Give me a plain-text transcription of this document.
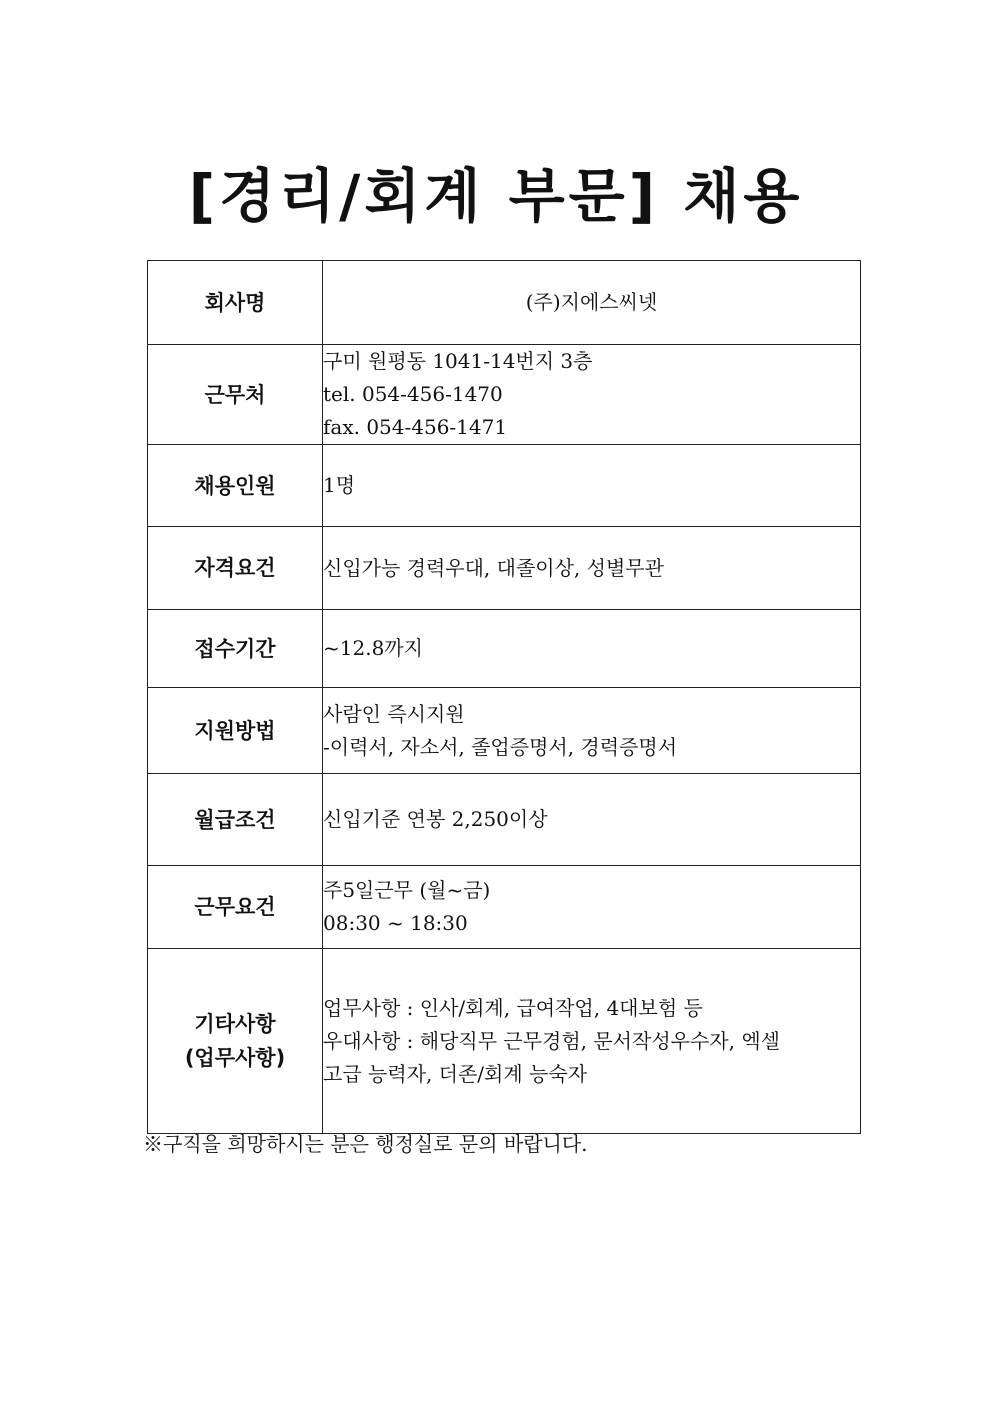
[경리/회계 부문] 채용
회사명	(주)지에스씨넷

근무처	구미 원평동 1041-14번지 3층
tel. 054-456-1470
fax. 054-456-1471

채용인원	1명

자격요건	신입가능 경력우대, 대졸이상, 성별무관

접수기간	~12.8까지

지원방법	사람인 즉시지원
-이력서, 자소서, 졸업증명서, 경력증명서

월급조건	신입기준 연봉 2,250이상

근무요건	주5일근무 (월~금)
08:30 ~ 18:30

기타사항
(업무사항)	업무사항 : 인사/회계, 급여작업, 4대보험 등
우대사항 : 해당직무 근무경험, 문서작성우수자, 엑셀
고급 능력자, 더존/회계 능숙자
※구직을 희망하시는 분은 행정실로 문의 바랍니다.
